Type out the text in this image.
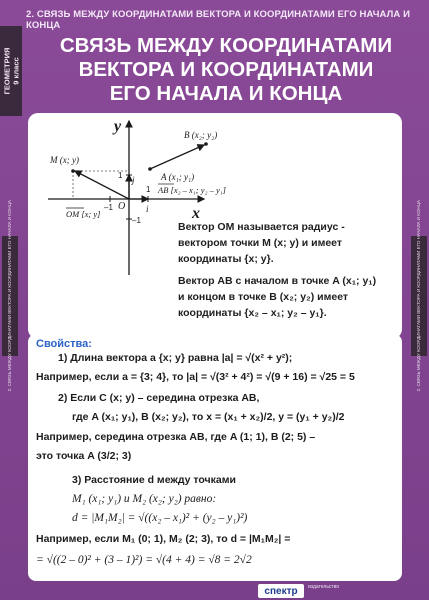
2. СВЯЗЬ МЕЖДУ КООРДИНАТАМИ ВЕКТОРА И КООРДИНАТАМИ ЕГО НАЧАЛА И КОНЦА
ГЕОМЕТРИЯ 9 класс
2. СВЯЗЬ МЕЖДУ КООРДИНАТАМИ ВЕКТОРА И КООРДИНАТАМИ ЕГО НАЧАЛА И КОНЦА	2. СВЯЗЬ МЕЖДУ КООРДИНАТАМИ ВЕКТОРА И КООРДИНАТАМИ ЕГО НАЧАЛА И КОНЦА
СВЯЗЬ МЕЖДУ КООРДИНАТАМИ
ВЕКТОРА И КООРДИНАТАМИ
ЕГО НАЧАЛА И КОНЦА
y
x
O
M (x; y)
B (x₂; y₂)
A (x₁; y₁)
AB [x₂ – x₁; y₂ – y₁]
OM [x; y]
1
1
–1
–1
j
i
Вектор OM называется радиус -
вектором точки M (x; y) и имеет
координаты {x; y}.
Вектор AB с началом в точке A (x₁; y₁)
и концом в точке B (x₂; y₂) имеет
координаты {x₂ – x₁; y₂ – y₁}.
Свойства:
1) Длина вектора a {x; y} равна |a| = √(x² + y²);
Например, если a = {3; 4}, то |a| = √(3² + 4²) = √(9 + 16) = √25 = 5
2) Если C (x; y) – середина отрезка AB,
где A (x₁; y₁), B (x₂; y₂), то x = (x₁ + x₂)/2, y = (y₁ + y₂)/2
Например, середина отрезка AB, где A (1; 1), B (2; 5) –
это точка A (3/2; 3)
3) Расстояние d между точками
M₁ (x₁; y₁) и M₂ (x₂; y₂) равно:
d = |M₁M₂| = √((x₂ – x₁)² + (y₂ – y₁)²)
Например, если M₁ (0; 1), M₂ (2; 3), то d = |M₁M₂| =
= √((2 – 0)² + (3 – 1)²) = √(4 + 4) = √8 = 2√2
спектр	издательство
